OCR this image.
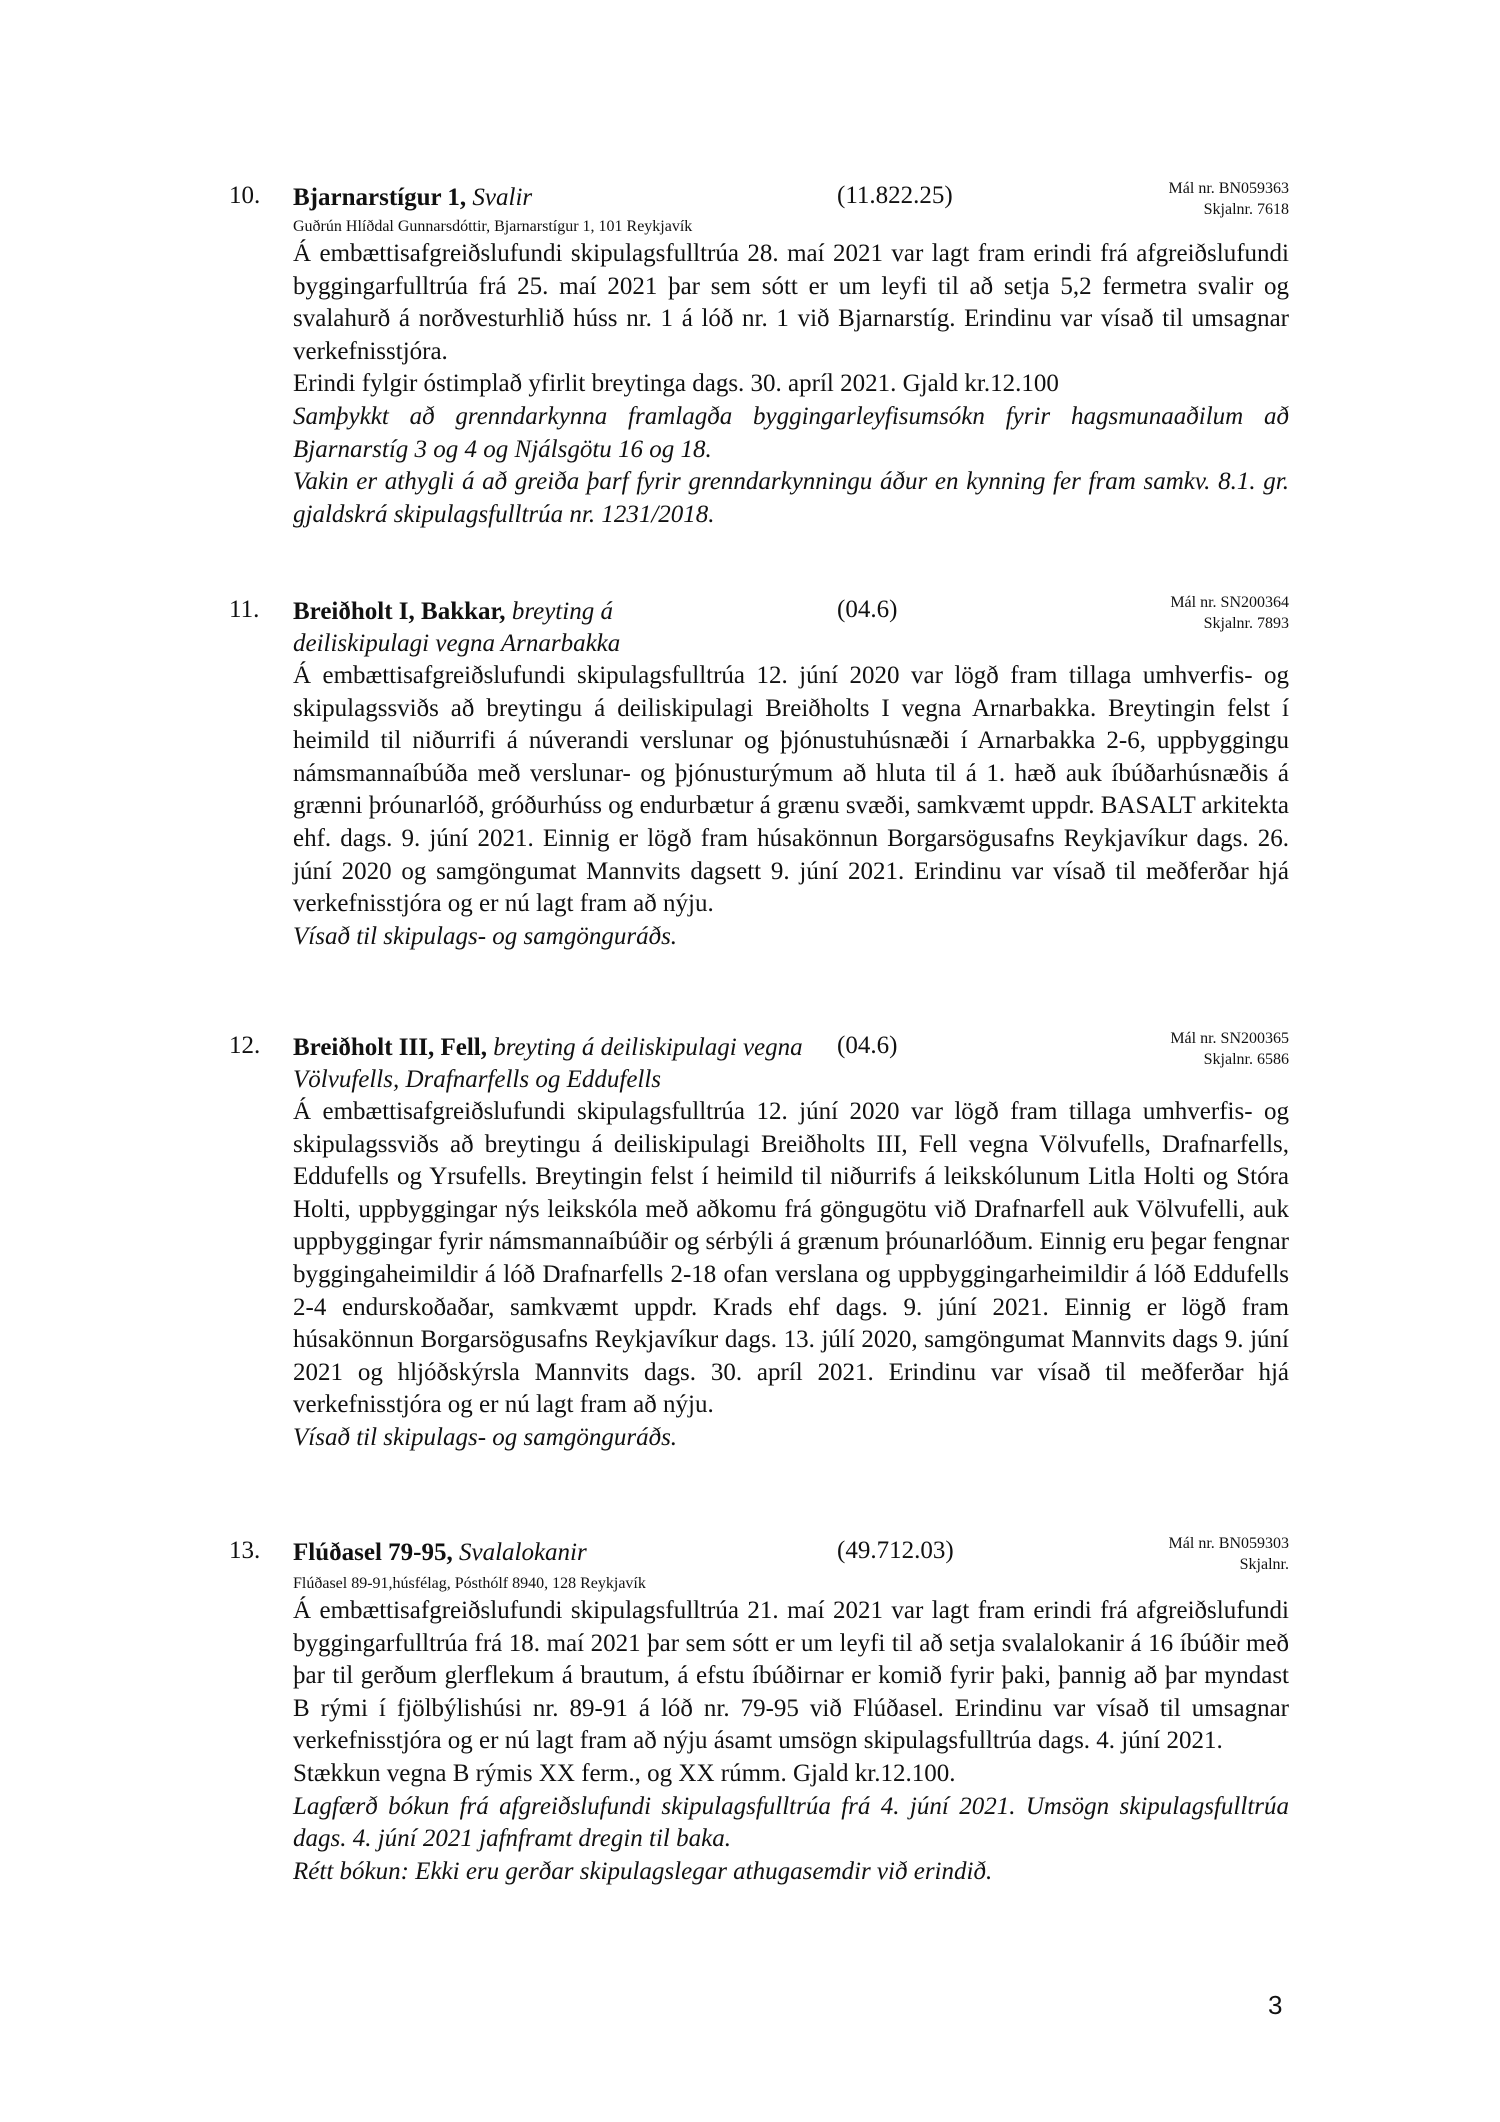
10. Bjarnarstígur 1, Svalir	(11.822.25)	Mál nr. BN059363
Skjalnr. 7618
Guðrún Hlíðdal Gunnarsdóttir, Bjarnarstígur 1, 101 Reykjavík

Á embættisafgreiðslufundi skipulagsfulltrúa 28. maí 2021 var lagt fram erindi frá afgreiðslufundi byggingarfulltrúa frá 25. maí 2021 þar sem sótt er um leyfi til að setja 5,2 fermetra svalir og svalahurð á norðvesturhlið húss nr. 1 á lóð nr. 1 við Bjarnarstíg. Erindinu var vísað til umsagnar verkefnisstjóra.

Erindi fylgir óstimplað yfirlit breytinga dags. 30. apríl 2021. Gjald kr.12.100

Samþykkt að grenndarkynna framlagða byggingarleyfisumsókn fyrir hagsmunaaðilum að Bjarnarstíg 3 og 4 og Njálsgötu 16 og 18.

Vakin er athygli á að greiða þarf fyrir grenndarkynningu áður en kynning fer fram samkv. 8.1. gr. gjaldskrá skipulagsfulltrúa nr. 1231/2018.

11. Breiðholt I, Bakkar, breyting á deiliskipulagi vegna Arnarbakka
(04.6)	Mál nr. SN200364
Skjalnr. 7893

Á embættisafgreiðslufundi skipulagsfulltrúa 12. júní 2020 var lögð fram tillaga umhverfis- og skipulagssviðs að breytingu á deiliskipulagi Breiðholts I vegna Arnarbakka. Breytingin felst í heimild til niðurrifi á núverandi verslunar og þjónustuhúsnæði í Arnarbakka 2-6, uppbyggingu námsmannaíbúða með verslunar- og þjónusturýmum að hluta til á 1. hæð auk íbúðarhúsnæðis á grænni þróunarlóð, gróðurhúss og endurbætur á grænu svæði, samkvæmt uppdr. BASALT arkitekta ehf. dags. 9. júní 2021. Einnig er lögð fram húsakönnun Borgarsögusafns Reykjavíkur dags. 26. júní 2020 og samgöngumat Mannvits dagsett 9. júní 2021. Erindinu var vísað til meðferðar hjá verkefnisstjóra og er nú lagt fram að nýju.

Vísað til skipulags- og samgönguráðs.

12. Breiðholt III, Fell, breyting á deiliskipulagi vegna Völvufells, Drafnarfells og Eddufells
(04.6)	Mál nr. SN200365
Skjalnr. 6586

Á embættisafgreiðslufundi skipulagsfulltrúa 12. júní 2020 var lögð fram tillaga umhverfis- og skipulagssviðs að breytingu á deiliskipulagi Breiðholts III, Fell vegna Völvufells, Drafnarfells, Eddufells og Yrsufells. Breytingin felst í heimild til niðurrifs á leikskólunum Litla Holti og Stóra Holti, uppbyggingar nýs leikskóla með aðkomu frá göngugötu við Drafnarfell auk Völvufelli, auk uppbyggingar fyrir námsmannaíbúðir og sérbýli á grænum þróunarlóðum. Einnig eru þegar fengnar byggingaheimildir á lóð Drafnarfells 2-18 ofan verslana og uppbyggingarheimildir á lóð Eddufells 2-4 endurskoðaðar, samkvæmt uppdr. Krads ehf dags. 9. júní 2021. Einnig er lögð fram húsakönnun Borgarsögusafns Reykjavíkur dags. 13. júlí 2020, samgöngumat Mannvits dags 9. júní 2021 og hljóðskýrsla Mannvits dags. 30. apríl 2021. Erindinu var vísað til meðferðar hjá verkefnisstjóra og er nú lagt fram að nýju.

Vísað til skipulags- og samgönguráðs.

13. Flúðasel 79-95, Svalalokanir	(49.712.03)	Mál nr. BN059303
Skjalnr.
Flúðasel 89-91,húsfélag, Pósthólf 8940, 128 Reykjavík

Á embættisafgreiðslufundi skipulagsfulltrúa 21. maí 2021 var lagt fram erindi frá afgreiðslufundi byggingarfulltrúa frá 18. maí 2021 þar sem sótt er um leyfi til að setja svalalokanir á 16 íbúðir með þar til gerðum glerflekum á brautum, á efstu íbúðirnar er komið fyrir þaki, þannig að þar myndast B rými í fjölbýlishúsi nr. 89-91 á lóð nr. 79-95 við Flúðasel. Erindinu var vísað til umsagnar verkefnisstjóra og er nú lagt fram að nýju ásamt umsögn skipulagsfulltrúa dags. 4. júní 2021.

Stækkun vegna B rýmis XX ferm., og XX rúmm. Gjald kr.12.100.

Lagfærð bókun frá afgreiðslufundi skipulagsfulltrúa frá 4. júní 2021. Umsögn skipulagsfulltrúa dags. 4. júní 2021 jafnframt dregin til baka.

Rétt bókun: Ekki eru gerðar skipulagslegar athugasemdir við erindið.

3
